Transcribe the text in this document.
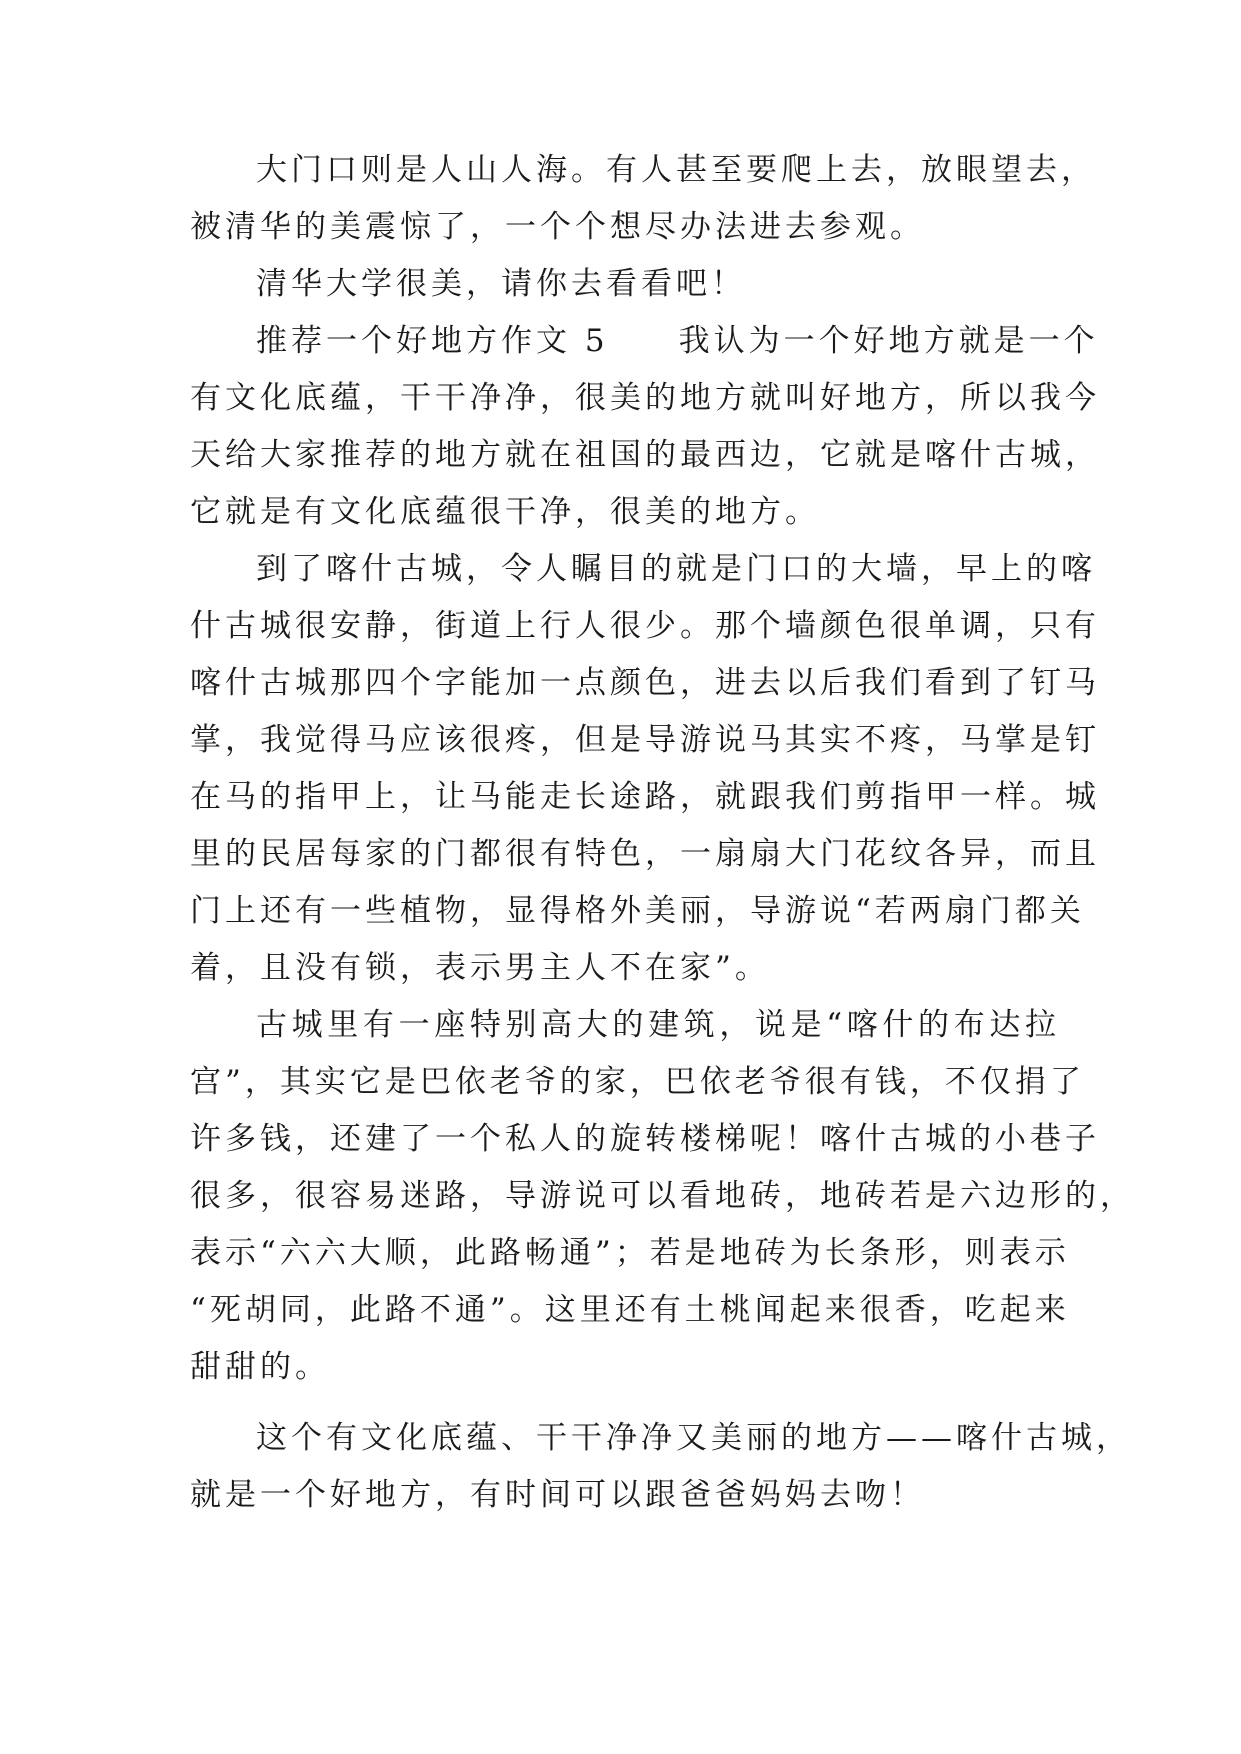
大门口则是人山人海。有人甚至要爬上去，放眼望去，

被清华的美震惊了，一个个想尽办法进去参观。

清华大学很美，请你去看看吧！

推荐一个好地方作文 5　　我认为一个好地方就是一个

有文化底蕴，干干净净，很美的地方就叫好地方，所以我今

天给大家推荐的地方就在祖国的最西边，它就是喀什古城，

它就是有文化底蕴很干净，很美的地方。

到了喀什古城，令人瞩目的就是门口的大墙，早上的喀

什古城很安静，街道上行人很少。那个墙颜色很单调，只有

喀什古城那四个字能加一点颜色，进去以后我们看到了钉马

掌，我觉得马应该很疼，但是导游说马其实不疼，马掌是钉

在马的指甲上，让马能走长途路，就跟我们剪指甲一样。城

里的民居每家的门都很有特色，一扇扇大门花纹各异，而且

门上还有一些植物，显得格外美丽，导游说“若两扇门都关

着，且没有锁，表示男主人不在家”。

古城里有一座特别高大的建筑，说是“喀什的布达拉

宫”，其实它是巴依老爷的家，巴依老爷很有钱，不仅捐了

许多钱，还建了一个私人的旋转楼梯呢！喀什古城的小巷子

很多，很容易迷路，导游说可以看地砖，地砖若是六边形的，

表示“六六大顺，此路畅通”；若是地砖为长条形，则表示

“死胡同，此路不通”。这里还有土桃闻起来很香，吃起来

甜甜的。

这个有文化底蕴、干干净净又美丽的地方——喀什古城，

就是一个好地方，有时间可以跟爸爸妈妈去吻！
